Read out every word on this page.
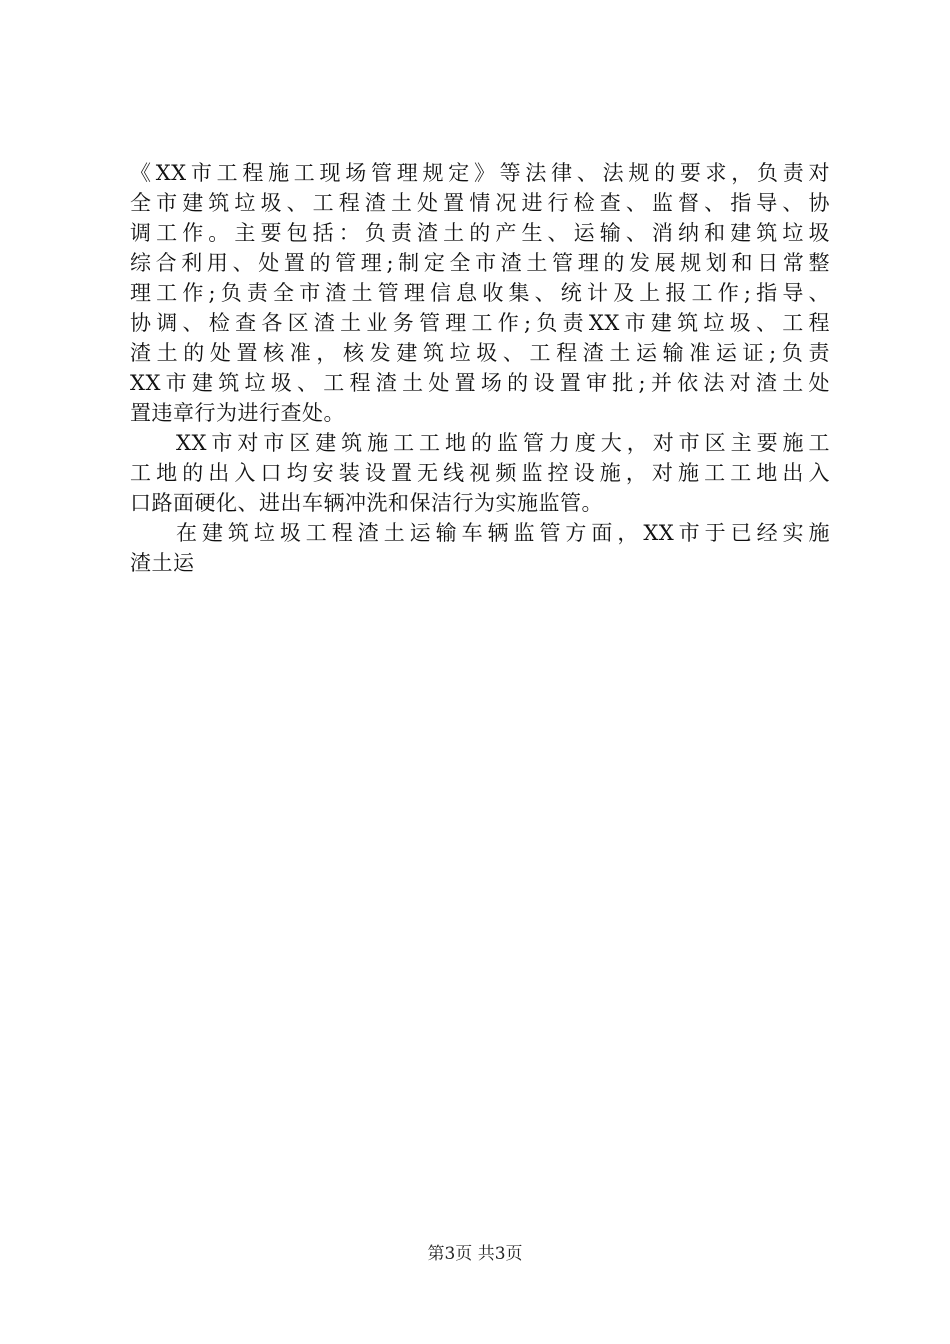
《XX市工程施工现场管理规定》等法律、法规的要求，负责对
全市建筑垃圾、工程渣土处置情况进行检查、监督、指导、协
调工作。主要包括：负责渣土的产生、运输、消纳和建筑垃圾
综合利用、处置的管理;制定全市渣土管理的发展规划和日常整
理工作;负责全市渣土管理信息收集、统计及上报工作;指导、
协调、检查各区渣土业务管理工作;负责XX市建筑垃圾、工程
渣土的处置核准，核发建筑垃圾、工程渣土运输准运证;负责
XX市建筑垃圾、工程渣土处置场的设置审批;并依法对渣土处
置违章行为进行查处。
XX市对市区建筑施工工地的监管力度大，对市区主要施工
工地的出入口均安装设置无线视频监控设施，对施工工地出入
口路面硬化、进出车辆冲洗和保洁行为实施监管。
在建筑垃圾工程渣土运输车辆监管方面，XX市于已经实施
渣土运
第3页 共3页
